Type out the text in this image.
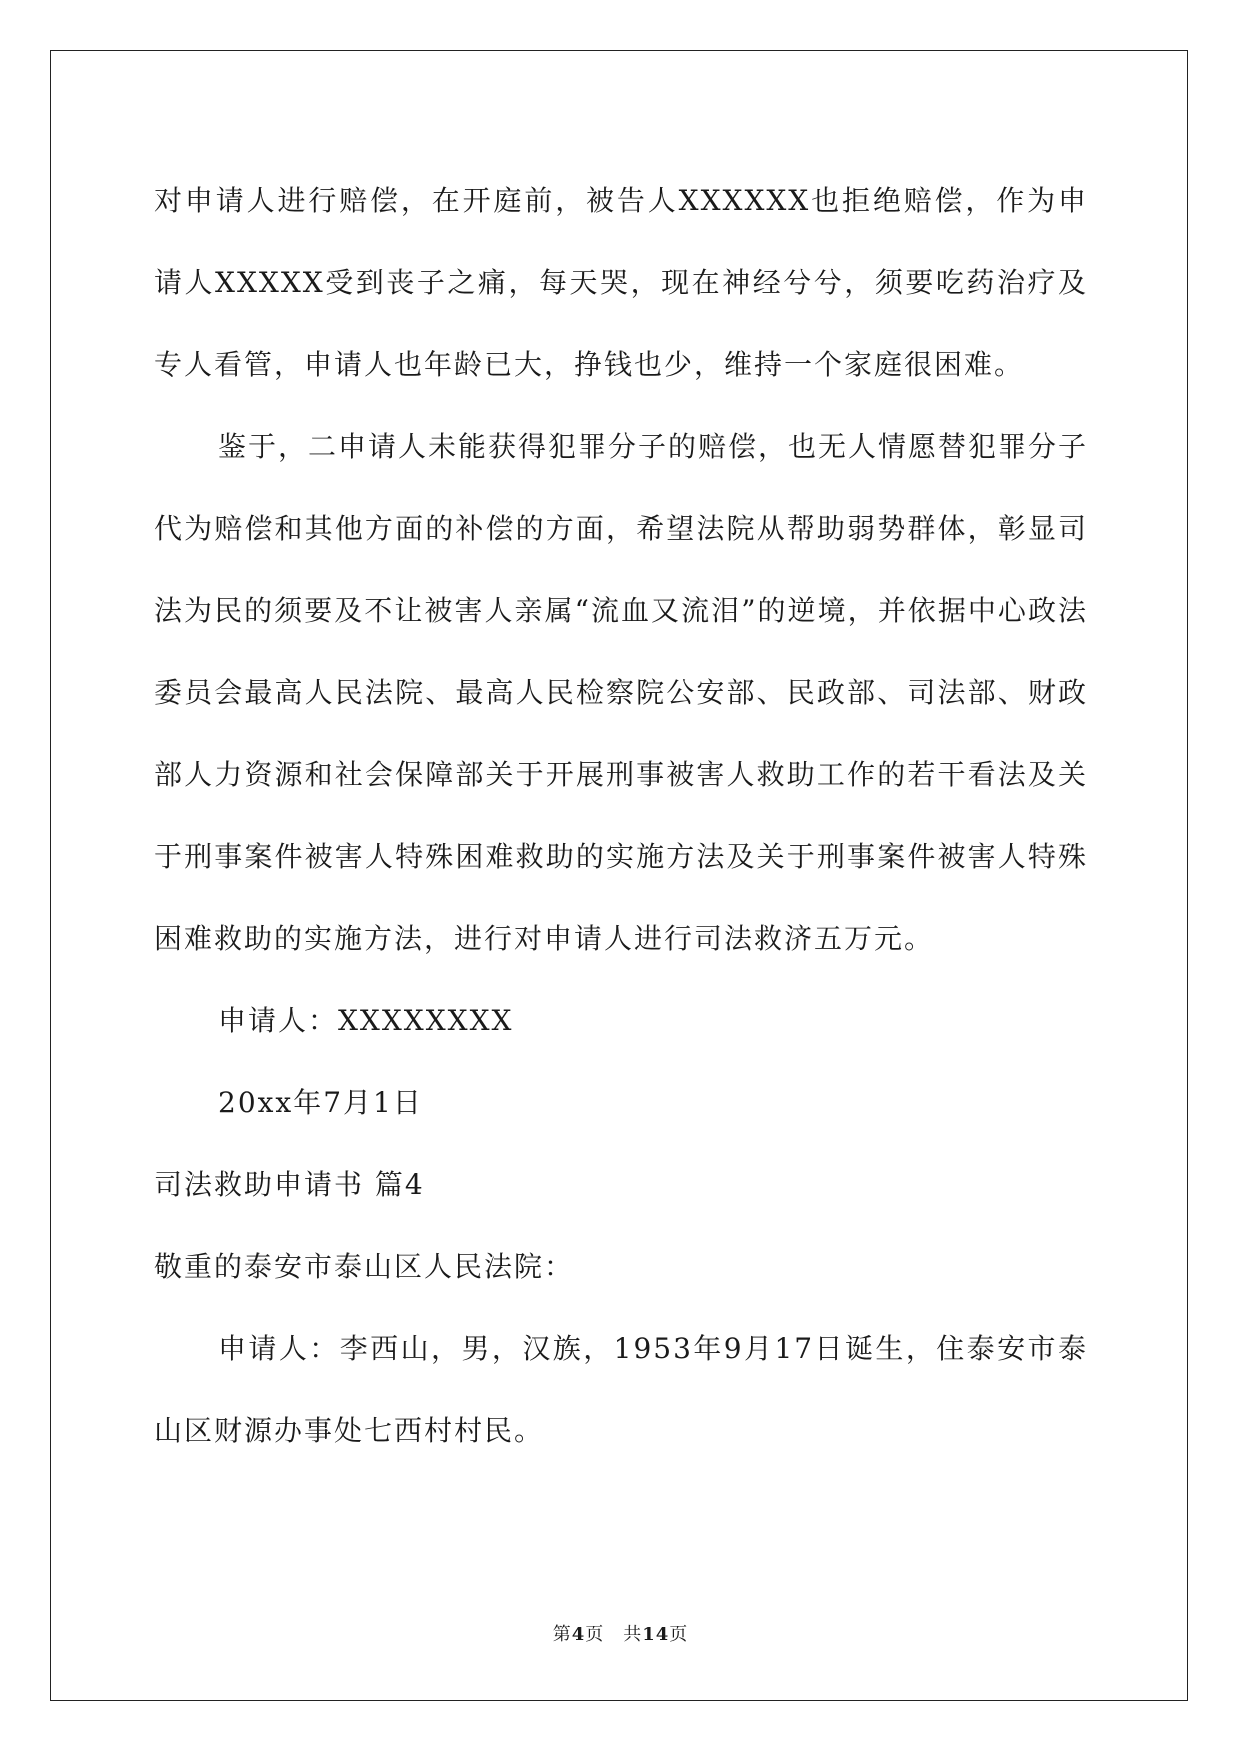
对申请人进行赔偿，在开庭前，被告人XXXXXX也拒绝赔偿，作为申请人XXXXX受到丧子之痛，每天哭，现在神经兮兮，须要吃药治疗及专人看管，申请人也年龄已大，挣钱也少，维持一个家庭很困难。

鉴于，二申请人未能获得犯罪分子的赔偿，也无人情愿替犯罪分子代为赔偿和其他方面的补偿的方面，希望法院从帮助弱势群体，彰显司法为民的须要及不让被害人亲属“流血又流泪”的逆境，并依据中心政法委员会最高人民法院、最高人民检察院公安部、民政部、司法部、财政部人力资源和社会保障部关于开展刑事被害人救助工作的若干看法及关于刑事案件被害人特殊困难救助的实施方法及关于刑事案件被害人特殊困难救助的实施方法，进行对申请人进行司法救济五万元。

申请人：XXXXXXXX

20xx年7月1日

司法救助申请书 篇4

敬重的泰安市泰山区人民法院：

申请人：李西山，男，汉族，1953年9月17日诞生，住泰安市泰山区财源办事处七西村村民。

第4页　共14页
